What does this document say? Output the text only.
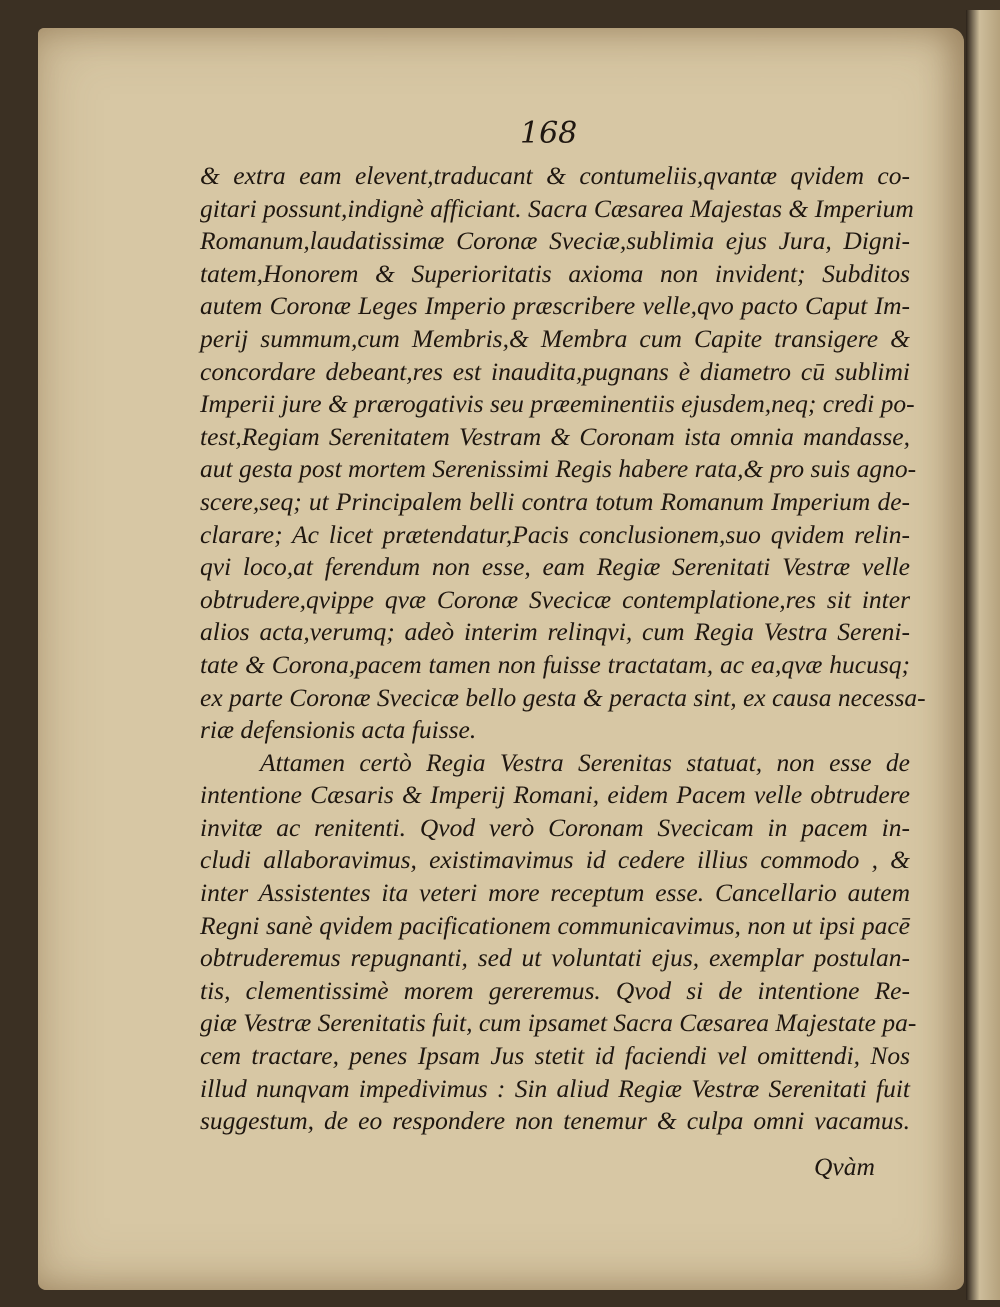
168

& extra eam elevent,traducant & contumeliis,qvantæ qvidem co-
gitari possunt,indignè afficiant. Sacra Cæsarea Majestas & Imperium
Romanum,laudatissimæ Coronæ Sveciæ,sublimia ejus Jura, Digni-
tatem,Honorem & Superioritatis axioma non invident; Subditos
autem Coronæ Leges Imperio præscribere velle,qvo pacto Caput Im-
perij summum,cum Membris,& Membra cum Capite transigere &
concordare debeant,res est inaudita,pugnans è diametro cū sublimi
Imperii jure & prærogativis seu præeminentiis ejusdem,neq; credi po-
test,Regiam Serenitatem Vestram & Coronam ista omnia mandasse,
aut gesta post mortem Serenissimi Regis habere rata,& pro suis agno-
scere,seq; ut Principalem belli contra totum Romanum Imperium de-
clarare; Ac licet prætendatur,Pacis conclusionem,suo qvidem relin-
qvi loco,at ferendum non esse, eam Regiæ Serenitati Vestræ velle
obtrudere,qvippe qvæ Coronæ Svecicæ contemplatione,res sit inter
alios acta,verumq; adeò interim relinqvi, cum Regia Vestra Sereni-
tate & Corona,pacem tamen non fuisse tractatam, ac ea,qvæ hucusq;
ex parte Coronæ Svecicæ bello gesta & peracta sint, ex causa necessa-
riæ defensionis acta fuisse.
Attamen certò Regia Vestra Serenitas statuat, non esse de
intentione Cæsaris & Imperij Romani, eidem Pacem velle obtrudere
invitæ ac renitenti. Qvod verò Coronam Svecicam in pacem in-
cludi allaboravimus, existimavimus id cedere illius commodo , &
inter Assistentes ita veteri more receptum esse. Cancellario autem
Regni sanè qvidem pacificationem communicavimus, non ut ipsi pacē
obtruderemus repugnanti, sed ut voluntati ejus, exemplar postulan-
tis, clementissimè morem gereremus. Qvod si de intentione Re-
giæ Vestræ Serenitatis fuit, cum ipsamet Sacra Cæsarea Majestate pa-
cem tractare, penes Ipsam Jus stetit id faciendi vel omittendi, Nos
illud nunqvam impedivimus : Sin aliud Regiæ Vestræ Serenitati fuit
suggestum, de eo respondere non tenemur & culpa omni vacamus.
Qvàm
